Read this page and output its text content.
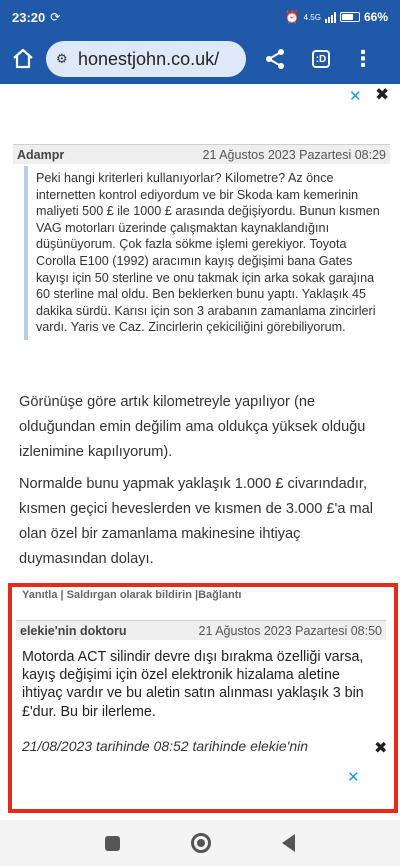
23:20 ⟳	⏰ 4.5G	66%
⚙ honestjohn.co.uk/	:D ⋮
✕ ✖
Adampr	21 Ağustos 2023 Pazartesi 08:29
Peki hangi kriterleri kullanıyorlar? Kilometre? Az önce internetten kontrol ediyordum ve bir Skoda kam kemerinin maliyeti 500 £ ile 1000 £ arasında değişiyordu. Bunun kısmen VAG motorları üzerinde çalışmaktan kaynaklandığını düşünüyorum. Çok fazla sökme işlemi gerekiyor. Toyota Corolla E100 (1992) aracımın kayış değişimi bana Gates kayışı için 50 sterline ve onu takmak için arka sokak garajına 60 sterline mal oldu. Ben beklerken bunu yaptı. Yaklaşık 45 dakika sürdü. Karısı için son 3 arabanın zamanlama zincirleri vardı. Yaris ve Caz. Zincirlerin çekiciliğini görebiliyorum.
Görünüşe göre artık kilometreyle yapılıyor (ne olduğundan emin değilim ama oldukça yüksek olduğu izlenimine kapılıyorum).
Normalde bunu yapmak yaklaşık 1.000 £ civarındadır, kısmen geçici heveslerden ve kısmen de 3.000 £'a mal olan özel bir zamanlama makinesine ihtiyaç duymasından dolayı.
Yanıtla | Saldırgan olarak bildirin |Bağlantı
elekie'nin doktoru	21 Ağustos 2023 Pazartesi 08:50
Motorda ACT silindir devre dışı bırakma özelliği varsa, kayış değişimi için özel elektronik hizalama aletine ihtiyaç vardır ve bu aletin satın alınması yaklaşık 3 bin £'dur. Bu bir ilerleme.
21/08/2023 tarihinde 08:52 tarihinde elekie'nin	✖
✕
